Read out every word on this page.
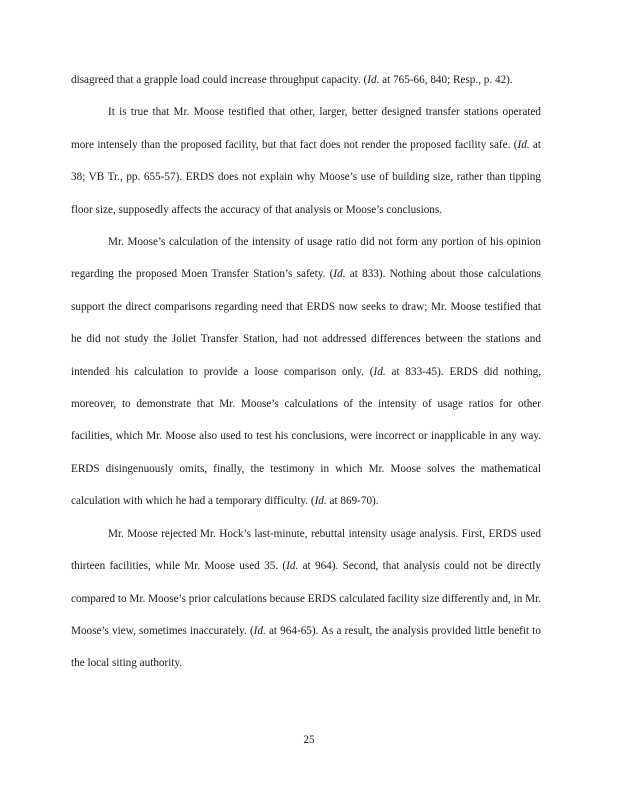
disagreed that a grapple load could increase throughput capacity. (Id. at 765-66, 840; Resp., p. 42).

It is true that Mr. Moose testified that other, larger, better designed transfer stations operated more intensely than the proposed facility, but that fact does not render the proposed facility safe. (Id. at 38; VB Tr., pp. 655-57). ERDS does not explain why Moose’s use of building size, rather than tipping floor size, supposedly affects the accuracy of that analysis or Moose’s conclusions.

Mr. Moose’s calculation of the intensity of usage ratio did not form any portion of his opinion regarding the proposed Moen Transfer Station’s safety. (Id. at 833). Nothing about those calculations support the direct comparisons regarding need that ERDS now seeks to draw; Mr. Moose testified that he did not study the Joliet Transfer Station, had not addressed differences between the stations and intended his calculation to provide a loose comparison only. (Id. at 833-45). ERDS did nothing, moreover, to demonstrate that Mr. Moose’s calculations of the intensity of usage ratios for other facilities, which Mr. Moose also used to test his conclusions, were incorrect or inapplicable in any way. ERDS disingenuously omits, finally, the testimony in which Mr. Moose solves the mathematical calculation with which he had a temporary difficulty. (Id. at 869-70).

Mr. Moose rejected Mr. Hock’s last-minute, rebuttal intensity usage analysis. First, ERDS used thirteen facilities, while Mr. Moose used 35. (Id. at 964). Second, that analysis could not be directly compared to Mr. Moose’s prior calculations because ERDS calculated facility size differently and, in Mr. Moose’s view, sometimes inaccurately. (Id. at 964-65). As a result, the analysis provided little benefit to the local siting authority.

25
